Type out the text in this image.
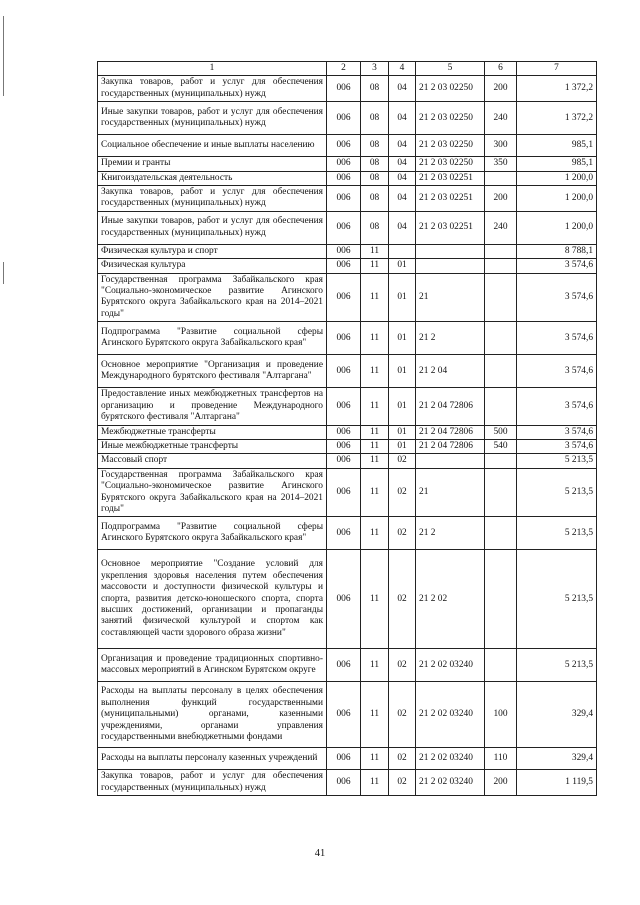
1	2	3	4	5	6	7
Закупка товаров, работ и услуг для обеспечения государственных (муниципальных) нужд	006	08	04	21 2 03 02250	200	1 372,2
Иные закупки товаров, работ и услуг для обеспечения государственных (муниципальных) нужд	006	08	04	21 2 03 02250	240	1 372,2
Социальное обеспечение и иные выплаты населению	006	08	04	21 2 03 02250	300	985,1
Премии и гранты	006	08	04	21 2 03 02250	350	985,1
Книгоиздательская деятельность	006	08	04	21 2 03 02251		1 200,0
Закупка товаров, работ и услуг для обеспечения государственных (муниципальных) нужд	006	08	04	21 2 03 02251	200	1 200,0
Иные закупки товаров, работ и услуг для обеспечения государственных (муниципальных) нужд	006	08	04	21 2 03 02251	240	1 200,0
Физическая культура и спорт	006	11				8 788,1
Физическая культура	006	11	01			3 574,6
Государственная программа Забайкальского края "Социально-экономическое развитие Агинского Бурятского округа Забайкальского края на 2014–2021 годы"	006	11	01	21		3 574,6
Подпрограмма "Развитие социальной сферы Агинского Бурятского округа Забайкальского края"	006	11	01	21 2		3 574,6
Основное мероприятие "Организация и проведение Международного бурятского фестиваля "Алтаргана"	006	11	01	21 2 04		3 574,6
Предоставление иных межбюджетных трансфертов на организацию и проведение Международного бурятского фестиваля "Алтаргана"	006	11	01	21 2 04 72806		3 574,6
Межбюджетные трансферты	006	11	01	21 2 04 72806	500	3 574,6
Иные межбюджетные трансферты	006	11	01	21 2 04 72806	540	3 574,6
Массовый спорт	006	11	02			5 213,5
Государственная программа Забайкальского края "Социально-экономическое развитие Агинского Бурятского округа Забайкальского края на 2014–2021 годы"	006	11	02	21		5 213,5
Подпрограмма "Развитие социальной сферы Агинского Бурятского округа Забайкальского края"	006	11	02	21 2		5 213,5
Основное мероприятие "Создание условий для укрепления здоровья населения путем обеспечения массовости и доступности физической культуры и спорта, развития детско-юношеского спорта, спорта высших достижений, организации и пропаганды занятий физической культурой и спортом как составляющей части здорового образа жизни"	006	11	02	21 2 02		5 213,5
Организация и проведение традиционных спортивно-массовых мероприятий в Агинском Бурятском округе	006	11	02	21 2 02 03240		5 213,5
Расходы на выплаты персоналу в целях обеспечения выполнения функций государственными (муниципальными) органами, казенными учреждениями, органами управления государственными внебюджетными фондами	006	11	02	21 2 02 03240	100	329,4
Расходы на выплаты персоналу казенных учреждений	006	11	02	21 2 02 03240	110	329,4
Закупка товаров, работ и услуг для обеспечения государственных (муниципальных) нужд	006	11	02	21 2 02 03240	200	1 119,5
41
